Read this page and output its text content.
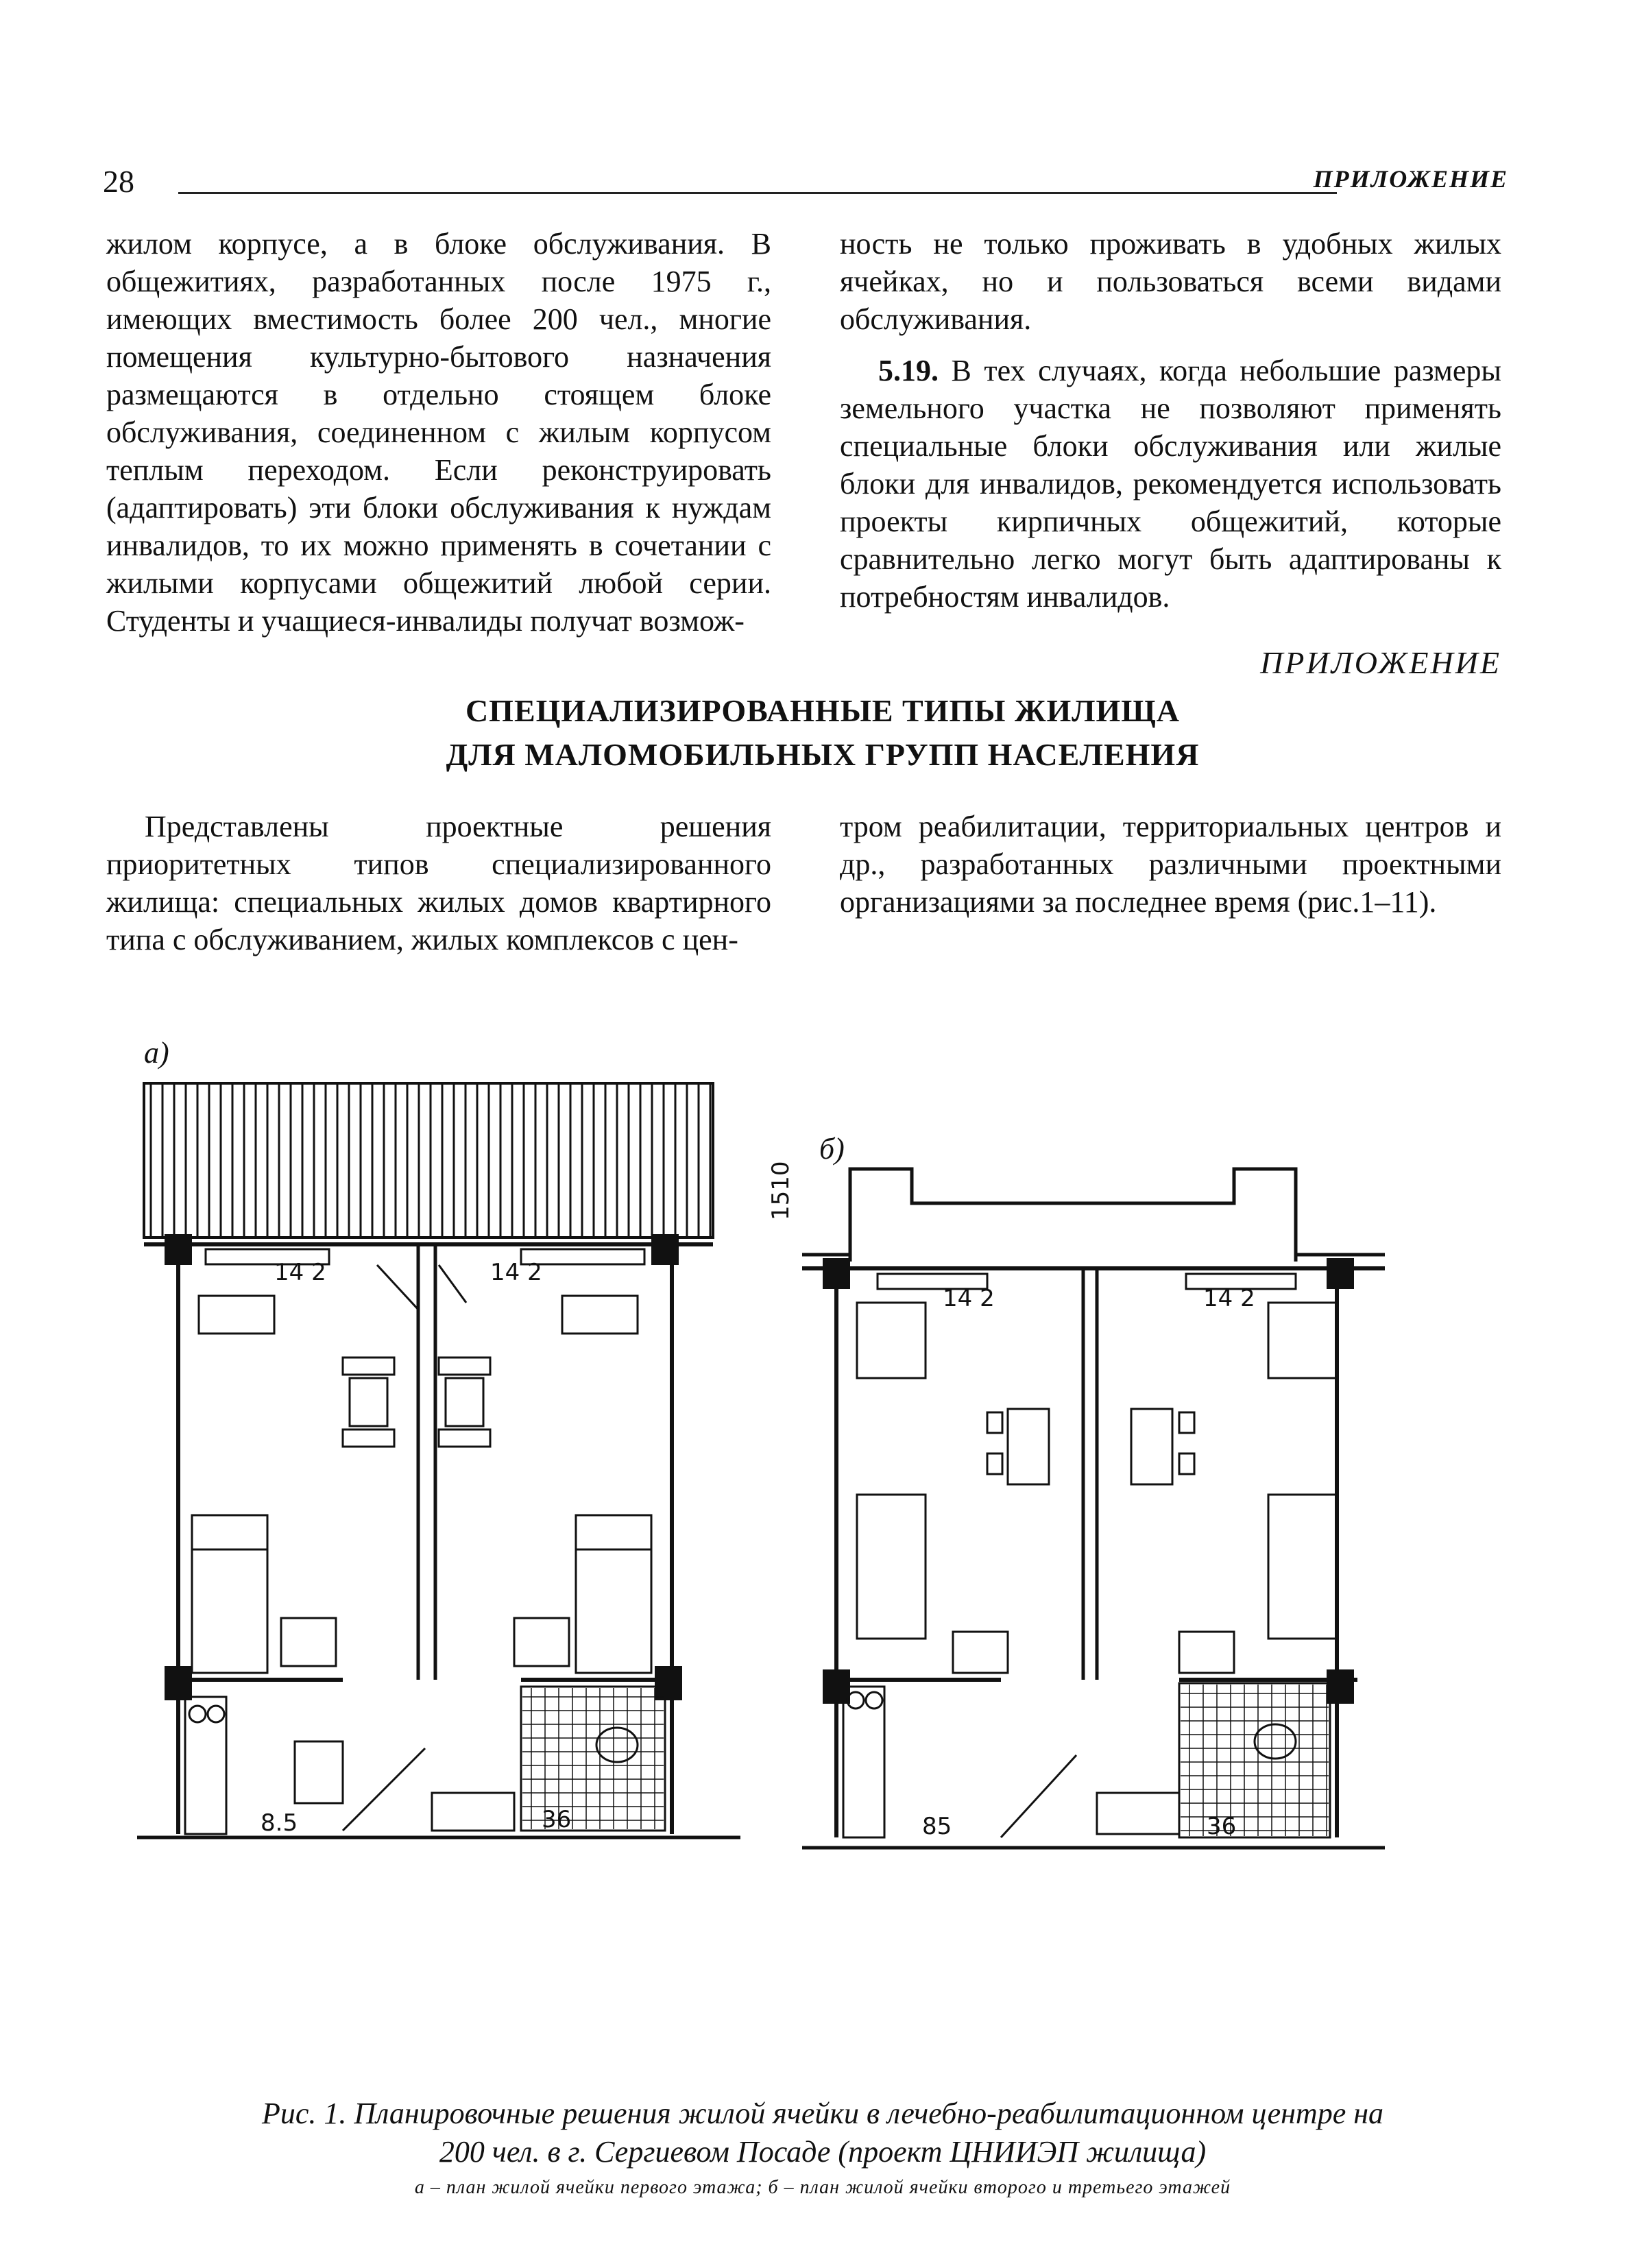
28	ПРИЛОЖЕНИЕ

жилом корпусе, а в блоке обслуживания. В общежитиях, разработанных после 1975 г., имеющих вместимость более 200 чел., многие помещения культурно-бытового назначения размещаются в отдельно стоящем блоке обслуживания, соединенном с жилым корпусом теплым переходом. Если реконструировать (адаптировать) эти блоки обслуживания к нуждам инвалидов, то их можно применять в сочетании с жилыми корпусами общежитий любой серии. Студенты и учащиеся-инвалиды получат возмож-

ность не только проживать в удобных жилых ячейках, но и пользоваться всеми видами обслуживания.

5.19. В тех случаях, когда небольшие размеры земельного участка не позволяют применять специальные блоки обслуживания или жилые блоки для инвалидов, рекомендуется использовать проекты кирпичных общежитий, которые сравнительно легко могут быть адаптированы к потребностям инвалидов.

ПРИЛОЖЕНИЕ
СПЕЦИАЛИЗИРОВАННЫЕ ТИПЫ ЖИЛИЩА
ДЛЯ МАЛОМОБИЛЬНЫХ ГРУПП НАСЕЛЕНИЯ

Представлены проектные решения приоритетных типов специализированного жилища: специальных жилых домов квартирного типа с обслуживанием, жилых комплексов с цен-

тром реабилитации, территориальных центров и др., разработанных различными проектными организациями за последнее время (рис.1–11).

а)
б)
14 2	14 2
8.5	36
14 2	14 2
85	36
1510
Рис. 1. Планировочные решения жилой ячейки в лечебно-реабилитационном центре на
200 чел. в г. Сергиевом Посаде (проект ЦНИИЭП жилища)
а – план жилой ячейки первого этажа; б – план жилой ячейки второго и третьего этажей
